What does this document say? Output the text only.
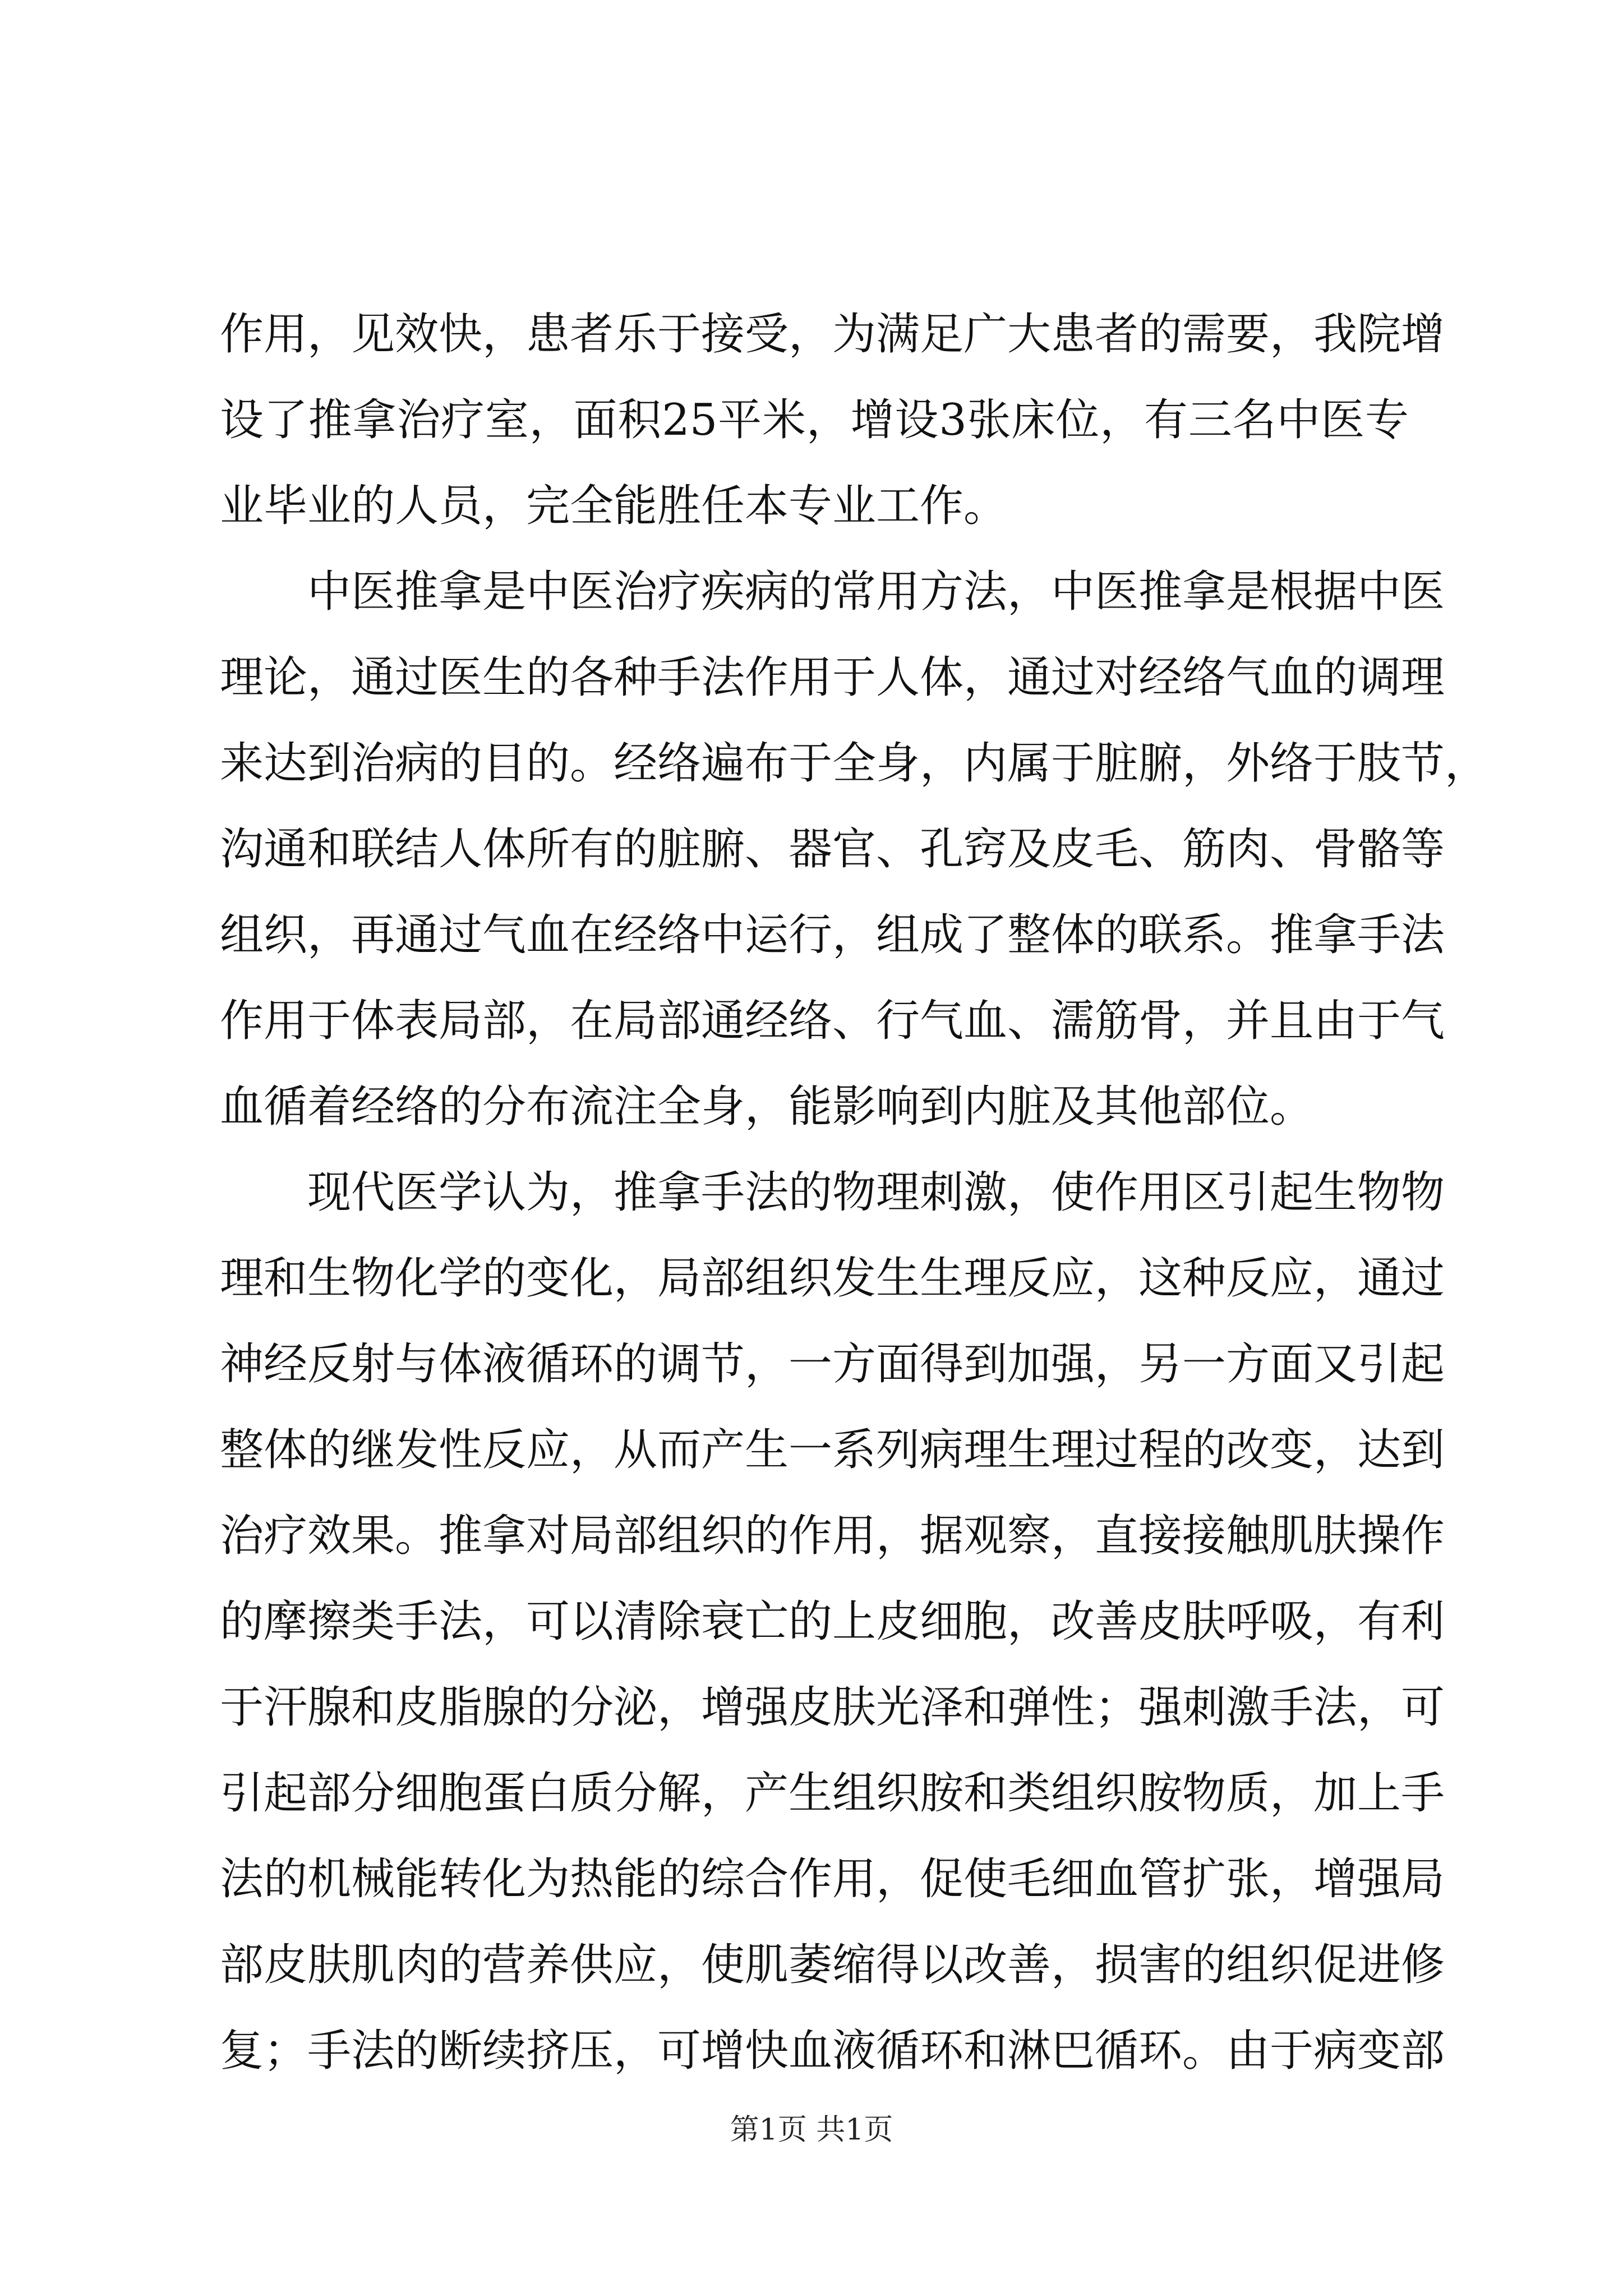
作用，见效快，患者乐于接受，为满足广大患者的需要，我院增
设了推拿治疗室，面积25平米，增设3张床位，有三名中医专
业毕业的人员，完全能胜任本专业工作。
　　中医推拿是中医治疗疾病的常用方法，中医推拿是根据中医
理论，通过医生的各种手法作用于人体，通过对经络气血的调理
来达到治病的目的。经络遍布于全身，内属于脏腑，外络于肢节，
沟通和联结人体所有的脏腑、器官、孔窍及皮毛、筋肉、骨骼等
组织，再通过气血在经络中运行，组成了整体的联系。推拿手法
作用于体表局部，在局部通经络、行气血、濡筋骨，并且由于气
血循着经络的分布流注全身，能影响到内脏及其他部位。
　　现代医学认为，推拿手法的物理刺激，使作用区引起生物物
理和生物化学的变化，局部组织发生生理反应，这种反应，通过
神经反射与体液循环的调节，一方面得到加强，另一方面又引起
整体的继发性反应，从而产生一系列病理生理过程的改变，达到
治疗效果。推拿对局部组织的作用，据观察，直接接触肌肤操作
的摩擦类手法，可以清除衰亡的上皮细胞，改善皮肤呼吸，有利
于汗腺和皮脂腺的分泌，增强皮肤光泽和弹性；强刺激手法，可
引起部分细胞蛋白质分解，产生组织胺和类组织胺物质，加上手
法的机械能转化为热能的综合作用，促使毛细血管扩张，增强局
部皮肤肌肉的营养供应，使肌萎缩得以改善，损害的组织促进修
复；手法的断续挤压，可增快血液循环和淋巴循环。由于病变部
第1页 共1页
